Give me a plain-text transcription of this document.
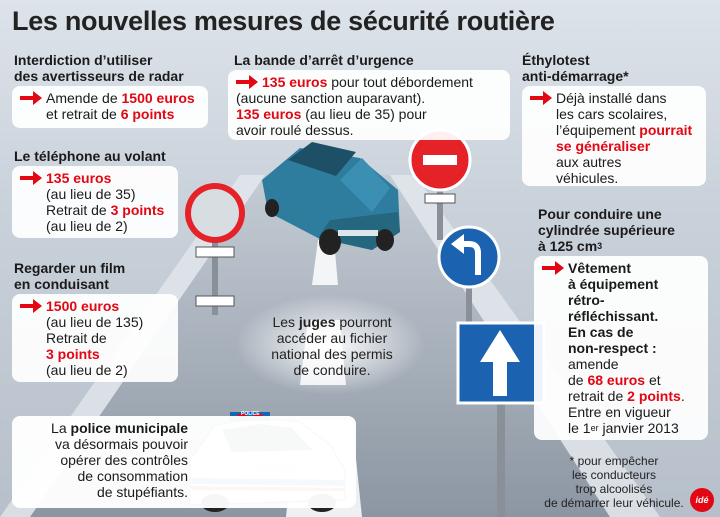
Les nouvelles mesures de sécurité routière
Interdiction d’utiliser
des avertisseurs de radar
Amende de 1500 euros
et retrait de 6 points
La bande d’arrêt d’urgence
135 euros pour tout débordement
(aucune sanction auparavant).
135 euros (au lieu de 35) pour
avoir roulé dessus.
Éthylotest
anti-démarrage*
Déjà installé dans
les cars scolaires,
l’équipement pourrait
se généraliser
aux autres
véhicules.
Le téléphone au volant
135 euros
(au lieu de 35)
Retrait de 3 points
(au lieu de 2)
Regarder un film
en conduisant
1500 euros
(au lieu de 135)
Retrait de
3 points
(au lieu de 2)
Pour conduire une
cylindrée supérieure
à 125 $cm^3$
Vêtement
à équipement
rétro-
réfléchissant.
En cas de
non-respect :
amende
de 68 euros et
retrait de 2 points.
Entre en vigueur
le 1er janvier 2013
Les juges pourront
accéder au fichier
national des permis
de conduire.
La police municipale
va désormais pouvoir
opérer des contrôles
de consommation
de stupéfiants.
POLICE
* pour empêcher
les conducteurs
trop alcoolisés
de démarrer leur véhicule.	idé
